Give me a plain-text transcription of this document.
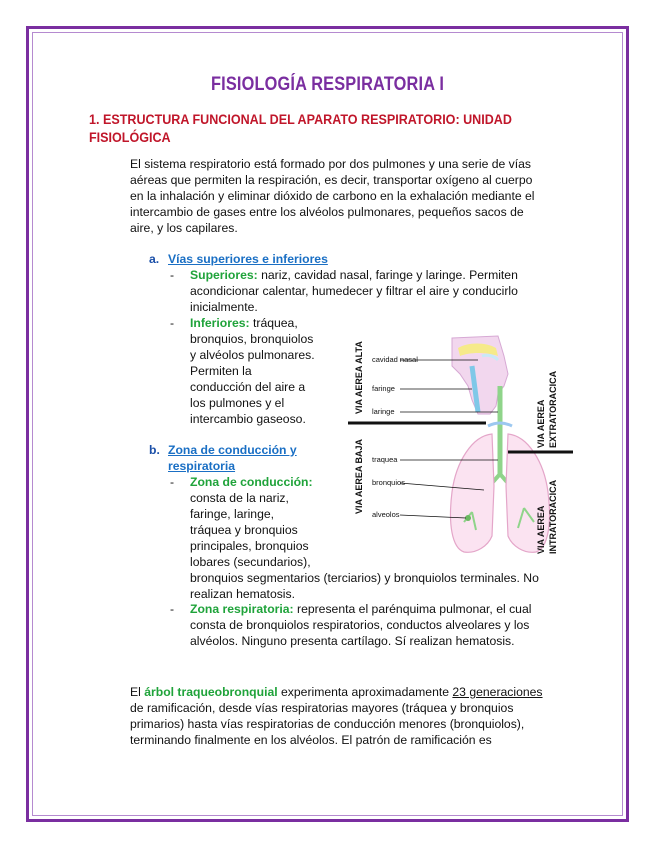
FISIOLOGÍA RESPIRATORIA I
1. ESTRUCTURA FUNCIONAL DEL APARATO RESPIRATORIO: UNIDAD
FISIOLÓGICA
El sistema respiratorio está formado por dos pulmones y una serie de vías
aéreas que permiten la respiración, es decir, transportar oxígeno al cuerpo
en la inhalación y eliminar dióxido de carbono en la exhalación mediante el
intercambio de gases entre los alvéolos pulmonares, pequeños sacos de
aire, y los capilares.
a. Vías superiores e inferiores
- Superiores: nariz, cavidad nasal, faringe y laringe. Permiten
acondicionar calentar, humedecer y filtrar el aire y conducirlo
inicialmente.
- Inferiores: tráquea,
bronquios, bronquiolos
y alvéolos pulmonares.
Permiten la
conducción del aire a
los pulmones y el
intercambio gaseoso.
b. Zona de conducción y
respiratoria
- Zona de conducción:
consta de la nariz,
faringe, laringe,
tráquea y bronquios
principales, bronquios
lobares (secundarios),
bronquios segmentarios (terciarios) y bronquiolos terminales. No
realizan hematosis.
- Zona respiratoria: representa el parénquima pulmonar, el cual
consta de bronquiolos respiratorios, conductos alveolares y los
alvéolos. Ninguno presenta cartílago. Sí realizan hematosis.
cavidad nasal
faringe
laringe
traquea
bronquios
alveolos
VIA AEREA ALTA
VIA AEREA BAJA
VIA AEREA EXTRATORACICA
VIA AEREA INTRATORACICA
El árbol traqueobronquial experimenta aproximadamente 23 generaciones
de ramificación, desde vías respiratorias mayores (tráquea y bronquios
primarios) hasta vías respiratorias de conducción menores (bronquiolos),
terminando finalmente en los alvéolos. El patrón de ramificación es
